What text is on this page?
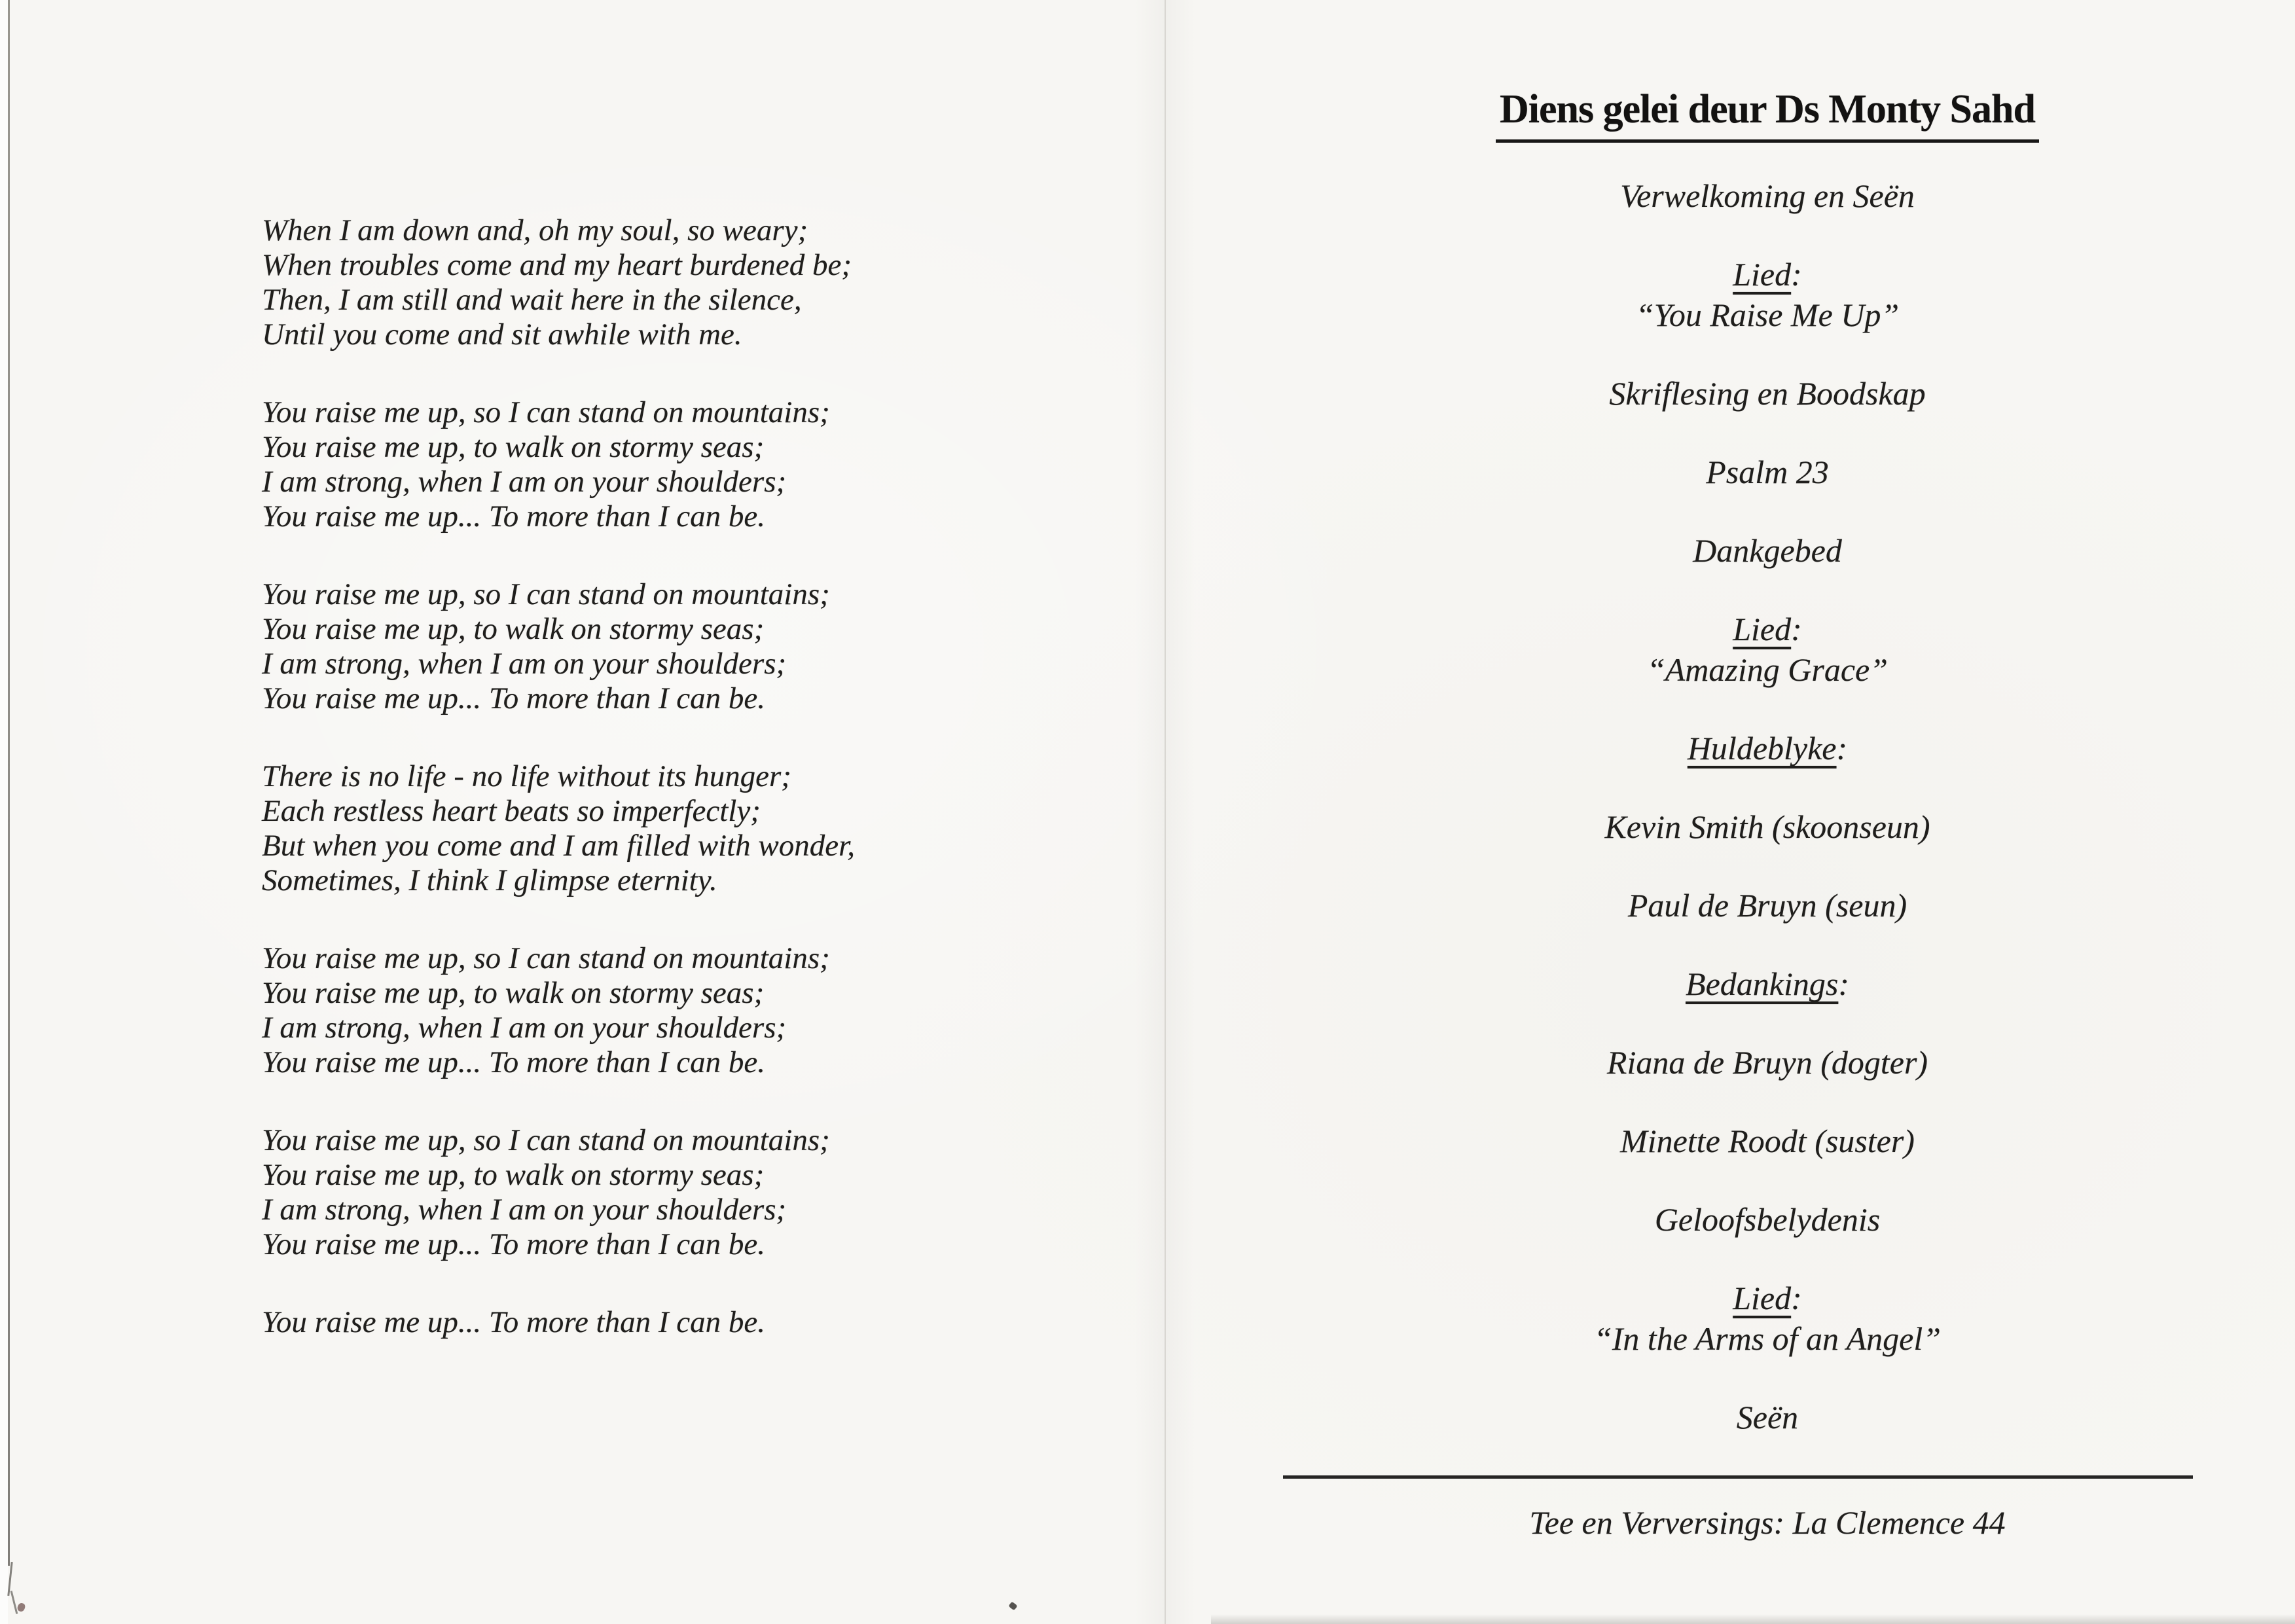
When I am down and, oh my soul, so weary;
When troubles come and my heart burdened be;
Then, I am still and wait here in the silence,
Until you come and sit awhile with me.
You raise me up, so I can stand on mountains;
You raise me up, to walk on stormy seas;
I am strong, when I am on your shoulders;
You raise me up... To more than I can be.
You raise me up, so I can stand on mountains;
You raise me up, to walk on stormy seas;
I am strong, when I am on your shoulders;
You raise me up... To more than I can be.
There is no life - no life without its hunger;
Each restless heart beats so imperfectly;
But when you come and I am filled with wonder,
Sometimes, I think I glimpse eternity.
You raise me up, so I can stand on mountains;
You raise me up, to walk on stormy seas;
I am strong, when I am on your shoulders;
You raise me up... To more than I can be.
You raise me up, so I can stand on mountains;
You raise me up, to walk on stormy seas;
I am strong, when I am on your shoulders;
You raise me up... To more than I can be.
You raise me up... To more than I can be.
Diens gelei deur Ds Monty Sahd
Verwelkoming en Seën
Lied:
“You Raise Me Up”
Skriflesing en Boodskap
Psalm 23
Dankgebed
Lied:
“Amazing Grace”
Huldeblyke:
Kevin Smith (skoonseun)
Paul de Bruyn (seun)
Bedankings:
Riana de Bruyn (dogter)
Minette Roodt (suster)
Geloofsbelydenis
Lied:
“In the Arms of an Angel”
Seën
Tee en Verversings: La Clemence 44
